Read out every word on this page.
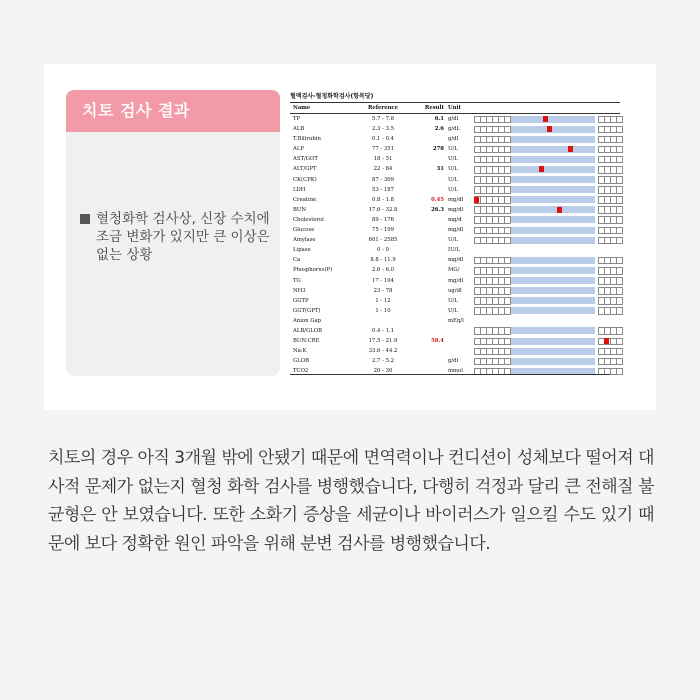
치토 검사 결과
혈청화학 검사상, 신장 수치에 조금 변화가 있지만 큰 이상은 없는 상황
혈액검사-혈청화학검사(항목당)
Name	Reference	Result Unit
TP	5.7 - 7.8	6.1 g/dl
ALB	2.3 - 3.5	2.6 g/dL
T.Bilirubin	0.1 - 0.4	g/dl
ALP	77 - 351	278 U/L
AST/GOT	18 - 51	U/L
ALT/GPT	22 - 84	31 U/L
CK(CPK)	87 - 309	U/L
LDH	53 - 187	U/L
Creatine	0.8 - 1.8	0.45 mg/dl
BUN	17.6 - 32.8	26.3 mg/dl
Cholesterol	89 - 176	mg/d
Glucose	75 - 199	mg/dl
Amylase	601 - 2585	U/L
Lipase	0 - 0	IU/L
Ca	8.8 - 11.9	mg/dl
Phosphorus(P)	2.6 - 6.0	MG/
TG	17 - 104	mg/dl
NH3	23 - 78	ug/dl
GGTP	1 - 12	U/L
GGT(GPT)	1 - 10	U/L
Anion Gap	mEq/l
ALB/GLOB	0.4 - 1.1
BUN:CRE	17.5 - 21.9	58.4
Na:K	33.6 - 44.2
GLOB	2.7 - 5.2	g/dl
TCO2	20 - 30	mmol
치토의 경우 아직 3개월 밖에 안됐기 때문에 면역력이나 컨디션이 성체보다 떨어져 대사적 문제가 없는지 혈청 화학 검사를 병행했습니다, 다행히 걱정과 달리 큰 전해질 불균형은 안 보였습니다. 또한 소화기 증상을 세균이나 바이러스가 일으킬 수도 있기 때문에 보다 정확한 원인 파악을 위해 분변 검사를 병행했습니다.
